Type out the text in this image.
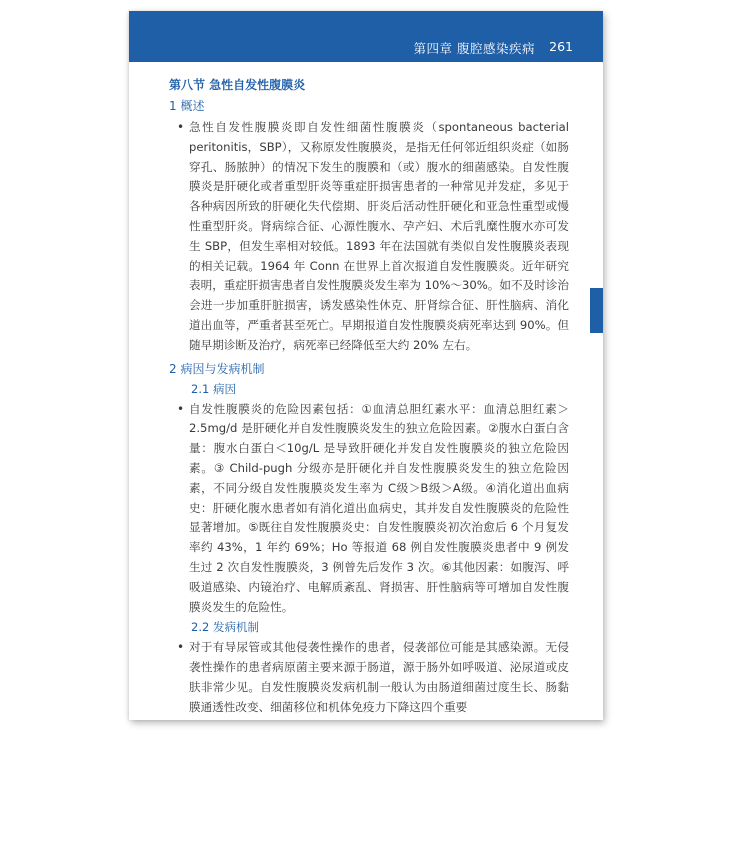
第四章 腹腔感染疾病 261
第八节 急性自发性腹膜炎
1 概述
• 急性自发性腹膜炎即自发性细菌性腹膜炎（spontaneous bacterial peritonitis，SBP），又称原发性腹膜炎，是指无任何邻近组织炎症（如肠穿孔、肠脓肿）的情况下发生的腹膜和（或）腹水的细菌感染。自发性腹膜炎是肝硬化或者重型肝炎等重症肝损害患者的一种常见并发症，多见于各种病因所致的肝硬化失代偿期、肝炎后活动性肝硬化和亚急性重型或慢性重型肝炎。肾病综合征、心源性腹水、孕产妇、术后乳糜性腹水亦可发生 SBP，但发生率相对较低。1893 年在法国就有类似自发性腹膜炎表现的相关记载。1964 年 Conn 在世界上首次报道自发性腹膜炎。近年研究表明，重症肝损害患者自发性腹膜炎发生率为 10%～30%。如不及时诊治会进一步加重肝脏损害，诱发感染性休克、肝肾综合征、肝性脑病、消化道出血等，严重者甚至死亡。早期报道自发性腹膜炎病死率达到 90%。但随早期诊断及治疗，病死率已经降低至大约 20% 左右。
2 病因与发病机制
2.1 病因
• 自发性腹膜炎的危险因素包括：①血清总胆红素水平：血清总胆红素＞2.5mg/d 是肝硬化并自发性腹膜炎发生的独立危险因素。②腹水白蛋白含量：腹水白蛋白＜10g/L 是导致肝硬化并发自发性腹膜炎的独立危险因素。③ Child-pugh 分级亦是肝硬化并自发性腹膜炎发生的独立危险因素，不同分级自发性腹膜炎发生率为 C级＞B级＞A级。④消化道出血病史：肝硬化腹水患者如有消化道出血病史，其并发自发性腹膜炎的危险性显著增加。⑤既往自发性腹膜炎史：自发性腹膜炎初次治愈后 6 个月复发率约 43%，1 年约 69%；Ho 等报道 68 例自发性腹膜炎患者中 9 例发生过 2 次自发性腹膜炎，3 例曾先后发作 3 次。⑥其他因素：如腹泻、呼吸道感染、内镜治疗、电解质紊乱、肾损害、肝性脑病等可增加自发性腹膜炎发生的危险性。
2.2 发病机制
• 对于有导尿管或其他侵袭性操作的患者，侵袭部位可能是其感染源。无侵袭性操作的患者病原菌主要来源于肠道，源于肠外如呼吸道、泌尿道或皮肤非常少见。自发性腹膜炎发病机制一般认为由肠道细菌过度生长、肠黏膜通透性改变、细菌移位和机体免疫力下降这四个重要
